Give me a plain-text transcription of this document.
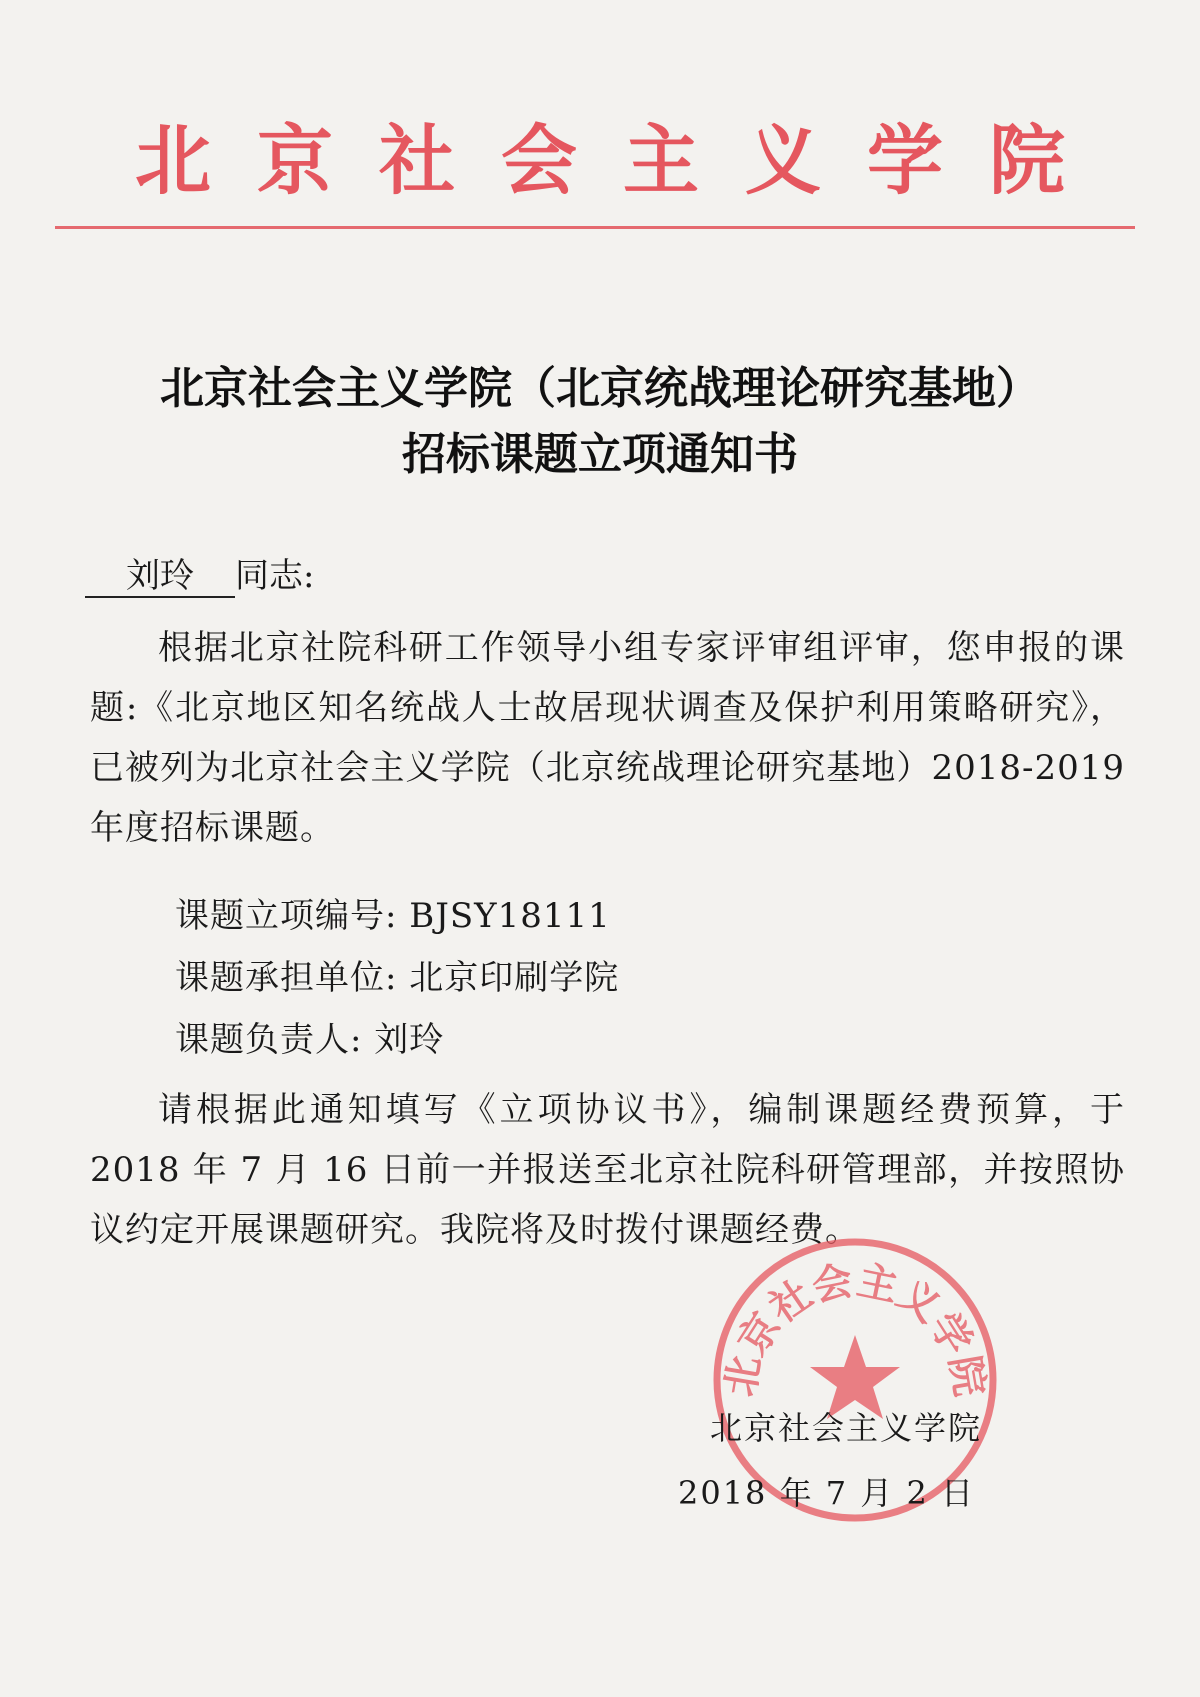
北京社会主义学院
北京社会主义学院（北京统战理论研究基地）
招标课题立项通知书
刘玲 同志:
根据北京社院科研工作领导小组专家评审组评审，您申报的课题:《北京地区知名统战人士故居现状调查及保护利用策略研究》，已被列为北京社会主义学院（北京统战理论研究基地）2018-2019 年度招标课题。
课题立项编号: BJSY18111
课题承担单位: 北京印刷学院
课题负责人: 刘玲
请根据此通知填写《立项协议书》，编制课题经费预算，于2018 年 7 月 16 日前一并报送至北京社院科研管理部，并按照协议约定开展课题研究。我院将及时拨付课题经费。
北京社会主义学院
北京社会主义学院
2018 年 7 月 2 日
